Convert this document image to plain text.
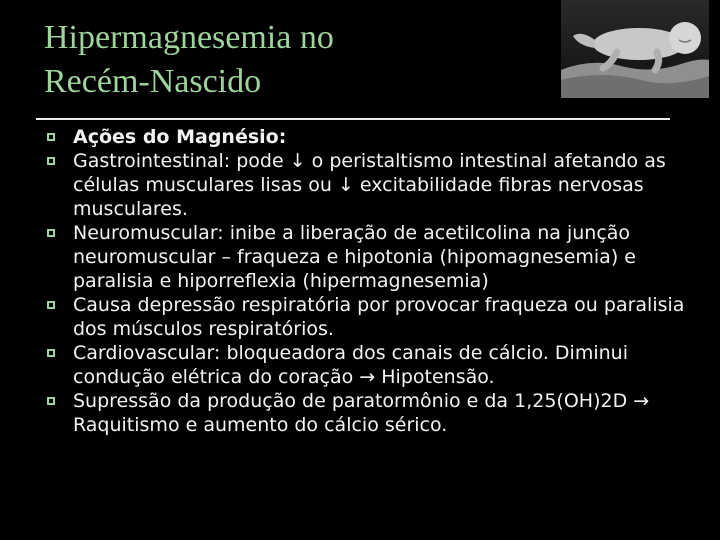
Hipermagnesemia no
Recém-Nascido
Ações do Magnésio:
Gastrointestinal: pode ↓ o peristaltismo intestinal afetando as células musculares lisas ou ↓ excitabilidade fibras nervosas musculares.
Neuromuscular: inibe a liberação de acetilcolina na junção neuromuscular – fraqueza e hipotonia (hipomagnesemia) e paralisia e hiporreflexia (hipermagnesemia)
Causa depressão respiratória por provocar fraqueza ou paralisia dos músculos respiratórios.
Cardiovascular: bloqueadora dos canais de cálcio. Diminui condução elétrica do coração → Hipotensão.
Supressão da produção de paratormônio e da 1,25(OH)2D → Raquitismo e aumento do cálcio sérico.
